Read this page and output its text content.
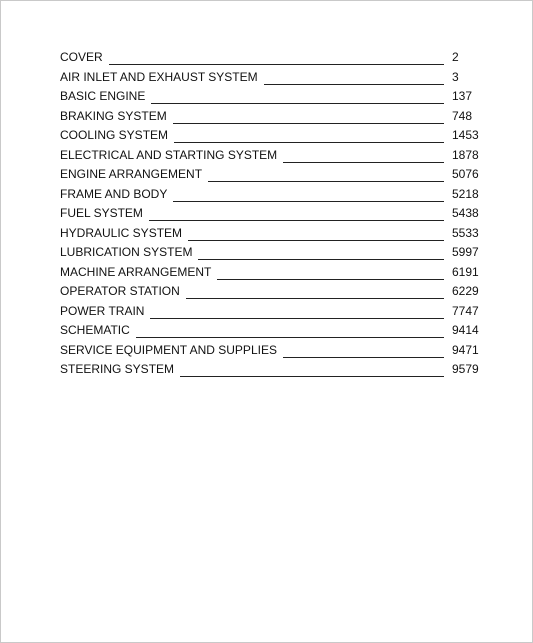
COVER	2
AIR INLET AND EXHAUST SYSTEM	3
BASIC ENGINE	137
BRAKING SYSTEM	748
COOLING SYSTEM	1453
ELECTRICAL AND STARTING SYSTEM	1878
ENGINE ARRANGEMENT	5076
FRAME AND BODY	5218
FUEL SYSTEM	5438
HYDRAULIC SYSTEM	5533
LUBRICATION SYSTEM	5997
MACHINE ARRANGEMENT	6191
OPERATOR STATION	6229
POWER TRAIN	7747
SCHEMATIC	9414
SERVICE EQUIPMENT AND SUPPLIES	9471
STEERING SYSTEM	9579
